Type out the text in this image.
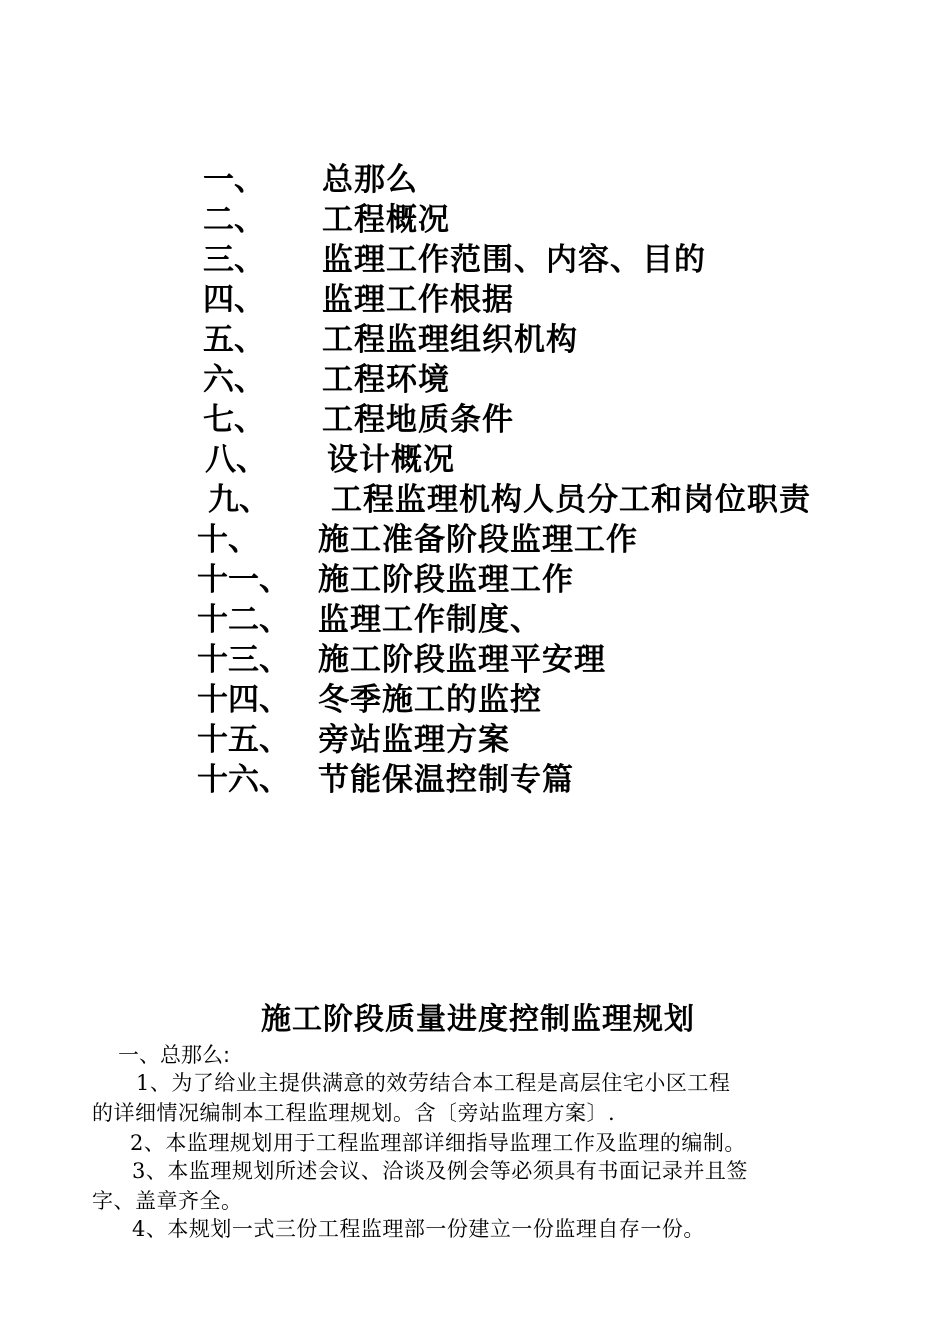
一、 总那么
二、 工程概况
三、 监理工作范围、内容、目的
四、 监理工作根据
五、 工程监理组织机构
六、 工程环境
七、 工程地质条件
八、 设计概况
九、 工程监理机构人员分工和岗位职责
十、 施工准备阶段监理工作
十一、 施工阶段监理工作
十二、 监理工作制度、
十三、 施工阶段监理平安理
十四、 冬季施工的监控
十五、 旁站监理方案
十六、 节能保温控制专篇
施工阶段质量进度控制监理规划
一、总那么:
1、为了给业主提供满意的效劳结合本工程是高层住宅小区工程
的详细情况编制本工程监理规划。含〔旁站监理方案〕.
2、本监理规划用于工程监理部详细指导监理工作及监理的编制。
3、本监理规划所述会议、洽谈及例会等必须具有书面记录并且签
字、盖章齐全。
4、本规划一式三份工程监理部一份建立一份监理自存一份。
